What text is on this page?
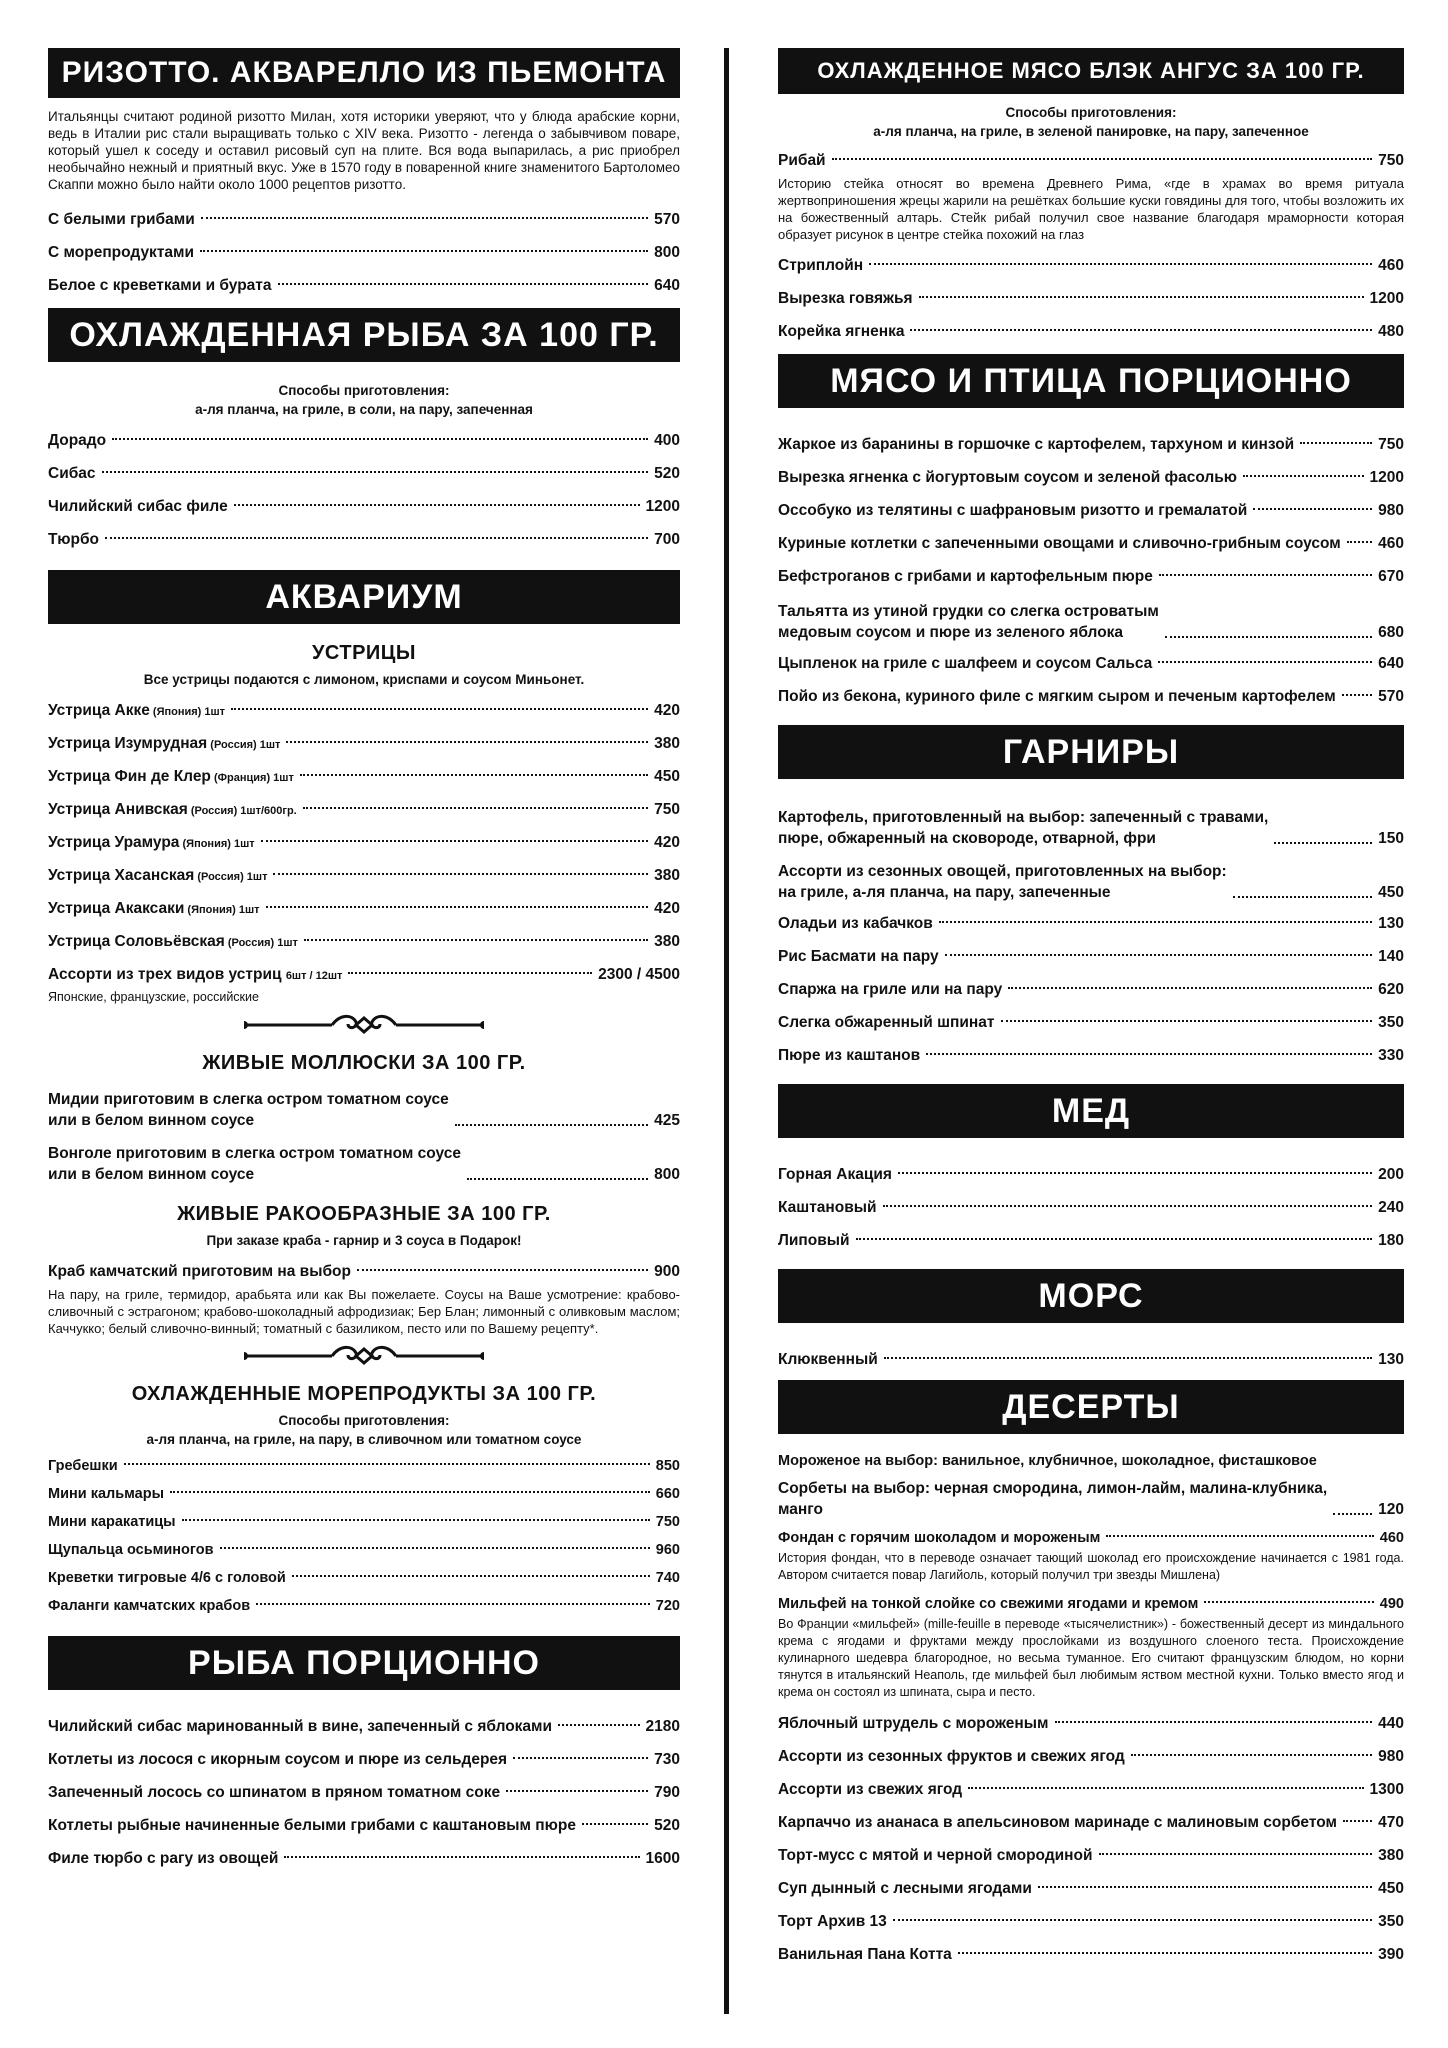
РИЗОТТО. АКВАРЕЛЛО ИЗ ПЬЕМОНТА
Итальянцы считают родиной ризотто Милан, хотя историки уверяют, что у блюда арабские корни, ведь в Италии рис стали выращивать только с XIV века. Ризотто - легенда о забывчивом поваре, который ушел к соседу и оставил рисовый суп на плите. Вся вода выпарилась, а рис приобрел необычайно нежный и приятный вкус. Уже в 1570 году в поваренной книге знаменитого Бартоломео Скаппи можно было найти около 1000 рецептов ризотто.
С белыми грибами	570
С морепродуктами	800
Белое с креветками и бурата	640
ОХЛАЖДЕННАЯ РЫБА ЗА 100 ГР.
Способы приготовления:
а-ля планча, на гриле, в соли, на пару, запеченная
Дорадо	400
Сибас	520
Чилийский сибас филе	1200
Тюрбо	700
АКВАРИУМ
УСТРИЦЫ
Все устрицы подаются с лимоном, криспами и соусом Миньонет.
Устрица Акке (Япония) 1шт	420
Устрица Изумрудная (Россия) 1шт	380
Устрица Фин де Клер (Франция) 1шт	450
Устрица Анивская (Россия) 1шт/600гр.	750
Устрица Урамура (Япония) 1шт	420
Устрица Хасанская (Россия) 1шт	380
Устрица Акаксаки (Япония) 1шт	420
Устрица Соловьёвская (Россия) 1шт	380
Ассорти из трех видов устриц 6шт / 12шт	2300 / 4500
Японские, французские, российские
ЖИВЫЕ МОЛЛЮСКИ ЗА 100 ГР.
Мидии приготовим в слегка остром томатном соусе
или в белом винном соусе	425
Вонголе приготовим в слегка остром томатном соусе
или в белом винном соусе	800
ЖИВЫЕ РАКООБРАЗНЫЕ ЗА 100 ГР.
При заказе краба - гарнир и 3 соуса в Подарок!
Краб камчатский приготовим на выбор	900
На пару, на гриле, термидор, арабьята или как Вы пожелаете. Соусы на Ваше усмотрение: крабово-сливочный с эстрагоном; крабово-шоколадный афродизиак; Бер Блан; лимонный с оливковым маслом; Каччукко; белый сливочно-винный; томатный с базиликом, песто или по Вашему рецепту*.
ОХЛАЖДЕННЫЕ МОРЕПРОДУКТЫ ЗА 100 ГР.
Способы приготовления:
а-ля планча, на гриле, на пару, в сливочном или томатном соусе
Гребешки	850
Мини кальмары	660
Мини каракатицы	750
Щупальца осьминогов	960
Креветки тигровые 4/6 с головой	740
Фаланги камчатских крабов	720
РЫБА ПОРЦИОННО
Чилийский сибас маринованный в вине, запеченный с яблоками	2180
Котлеты из лосося с икорным соусом и пюре из сельдерея	730
Запеченный лосось со шпинатом в пряном томатном соке	790
Котлеты рыбные начиненные белыми грибами с каштановым пюре	520
Филе тюрбо с рагу из овощей	1600
ОХЛАЖДЕННОЕ МЯСО БЛЭК АНГУС ЗА 100 ГР.
Способы приготовления:
а-ля планча, на гриле, в зеленой панировке, на пару, запеченное
Рибай	750
Историю стейка относят во времена Древнего Рима, «где в храмах во время ритуала жертвоприношения жрецы жарили на решётках большие куски говядины для того, чтобы возложить их на божественный алтарь. Стейк рибай получил свое название благодаря мраморности которая образует рисунок в центре стейка похожий на глаз
Стриплойн	460
Вырезка говяжья	1200
Корейка ягненка	480
МЯСО И ПТИЦА ПОРЦИОННО
Жаркое из баранины в горшочке с картофелем, тархуном и кинзой	750
Вырезка ягненка с йогуртовым соусом и зеленой фасолью	1200
Оссобуко из телятины с шафрановым ризотто и гремалатой	980
Куриные котлетки с запеченными овощами и сливочно-грибным соусом 460
Бефстроганов с грибами и картофельным пюре	670
Тальятта из утиной грудки со слегка островатым
медовым соусом и пюре из зеленого яблока	680
Цыпленок на гриле с шалфеем и соусом Сальса	640
Пойо из бекона, куриного филе с мягким сыром и печеным картофелем	570
ГАРНИРЫ
Картофель, приготовленный на выбор: запеченный с травами,
пюре, обжаренный на сковороде, отварной, фри	150
Ассорти из сезонных овощей, приготовленных на выбор:
на гриле, а-ля планча, на пару, запеченные	450
Оладьи из кабачков	130
Рис Басмати на пару	140
Спаржа на гриле или на пару	620
Слегка обжаренный шпинат	350
Пюре из каштанов	330
МЕД
Горная Акация	200
Каштановый	240
Липовый	180
МОРС
Клюквенный	130
ДЕСЕРТЫ
Мороженое на выбор: ванильное, клубничное, шоколадное, фисташковое
Сорбеты на выбор: черная смородина, лимон-лайм, малина-клубника,
манго	120
Фондан с горячим шоколадом и мороженым	460
История фондан, что в переводе означает тающий шоколад его происхождение начинается с 1981 года. Автором считается повар Лагийоль, который получил три звезды Мишлена)
Мильфей на тонкой слойке со свежими ягодами и кремом	490
Во Франции «мильфей» (mille-feuille в переводе «тысячелистник») - божественный десерт из миндального крема с ягодами и фруктами между прослойками из воздушного слоеного теста. Происхождение кулинарного шедевра благородное, но весьма туманное. Его считают французским блюдом, но корни тянутся в итальянский Неаполь, где мильфей был любимым яством местной кухни. Только вместо ягод и крема он состоял из шпината, сыра и песто.
Яблочный штрудель с мороженым	440
Ассорти из сезонных фруктов и свежих ягод	980
Ассорти из свежих ягод	1300
Карпаччо из ананаса в апельсиновом маринаде с малиновым сорбетом	470
Торт-мусс с мятой и черной смородиной	380
Суп дынный с лесными ягодами	450
Торт Архив 13	350
Ванильная Пана Котта	390
